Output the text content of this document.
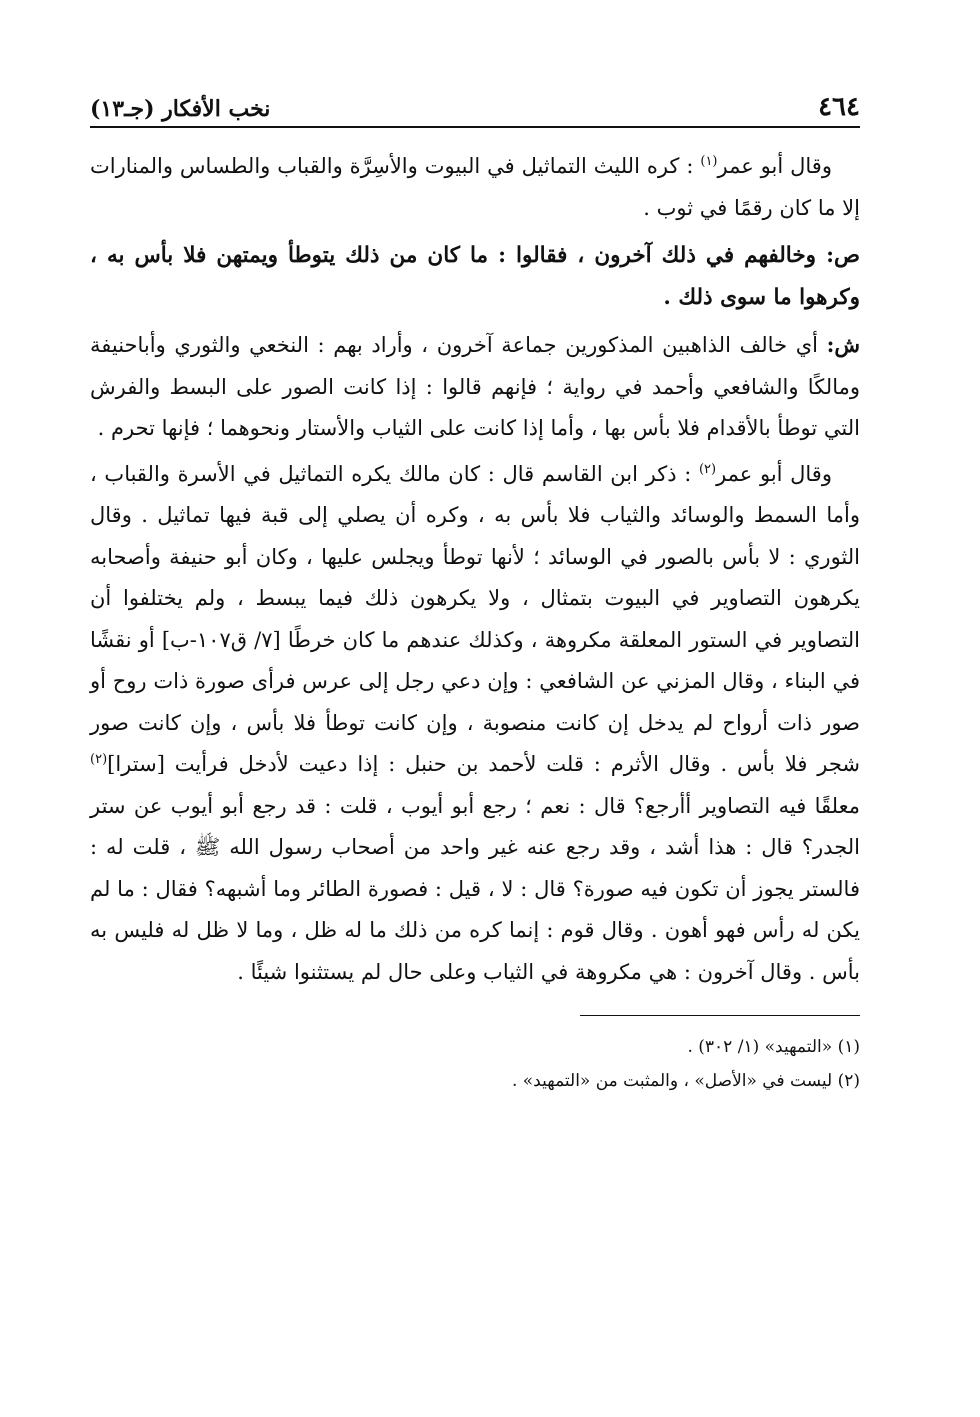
٤٦٤
نخب الأفكار (جـ١٣)

وقال أبو عمر$^{(١)}$ : كره الليث التماثيل في البيوت والأسِرَّة والقباب والطساس والمنارات إلا ما كان رقمًا في ثوب .

ص: وخالفهم في ذلك آخرون ، فقالوا : ما كان من ذلك يتوطأ ويمتهن فلا بأس به ، وكرهوا ما سوى ذلك .

ش: أي خالف الذاهبين المذكورين جماعة آخرون ، وأراد بهم : النخعي والثوري وأباحنيفة ومالكًا والشافعي وأحمد في رواية ؛ فإنهم قالوا : إذا كانت الصور على البسط والفرش التي توطأ بالأقدام فلا بأس بها ، وأما إذا كانت على الثياب والأستار ونحوهما ؛ فإنها تحرم .

وقال أبو عمر$^{(٢)}$ : ذكر ابن القاسم قال : كان مالك يكره التماثيل في الأسرة والقباب ، وأما السمط والوسائد والثياب فلا بأس به ، وكره أن يصلي إلى قبة فيها تماثيل . وقال الثوري : لا بأس بالصور في الوسائد ؛ لأنها توطأ ويجلس عليها ، وكان أبو حنيفة وأصحابه يكرهون التصاوير في البيوت بتمثال ، ولا يكرهون ذلك فيما يبسط ، ولم يختلفوا أن التصاوير في الستور المعلقة مكروهة ، وكذلك عندهم ما كان خرطًا [٧/ ق١٠٧-ب] أو نقشًا في البناء ، وقال المزني عن الشافعي : وإن دعي رجل إلى عرس فرأى صورة ذات روح أو صور ذات أرواح لم يدخل إن كانت منصوبة ، وإن كانت توطأ فلا بأس ، وإن كانت صور شجر فلا بأس . وقال الأثرم : قلت لأحمد بن حنبل : إذا دعيت لأدخل فرأيت [سترا]$^{(٢)}$ معلقًا فيه التصاوير أأرجع؟ قال : نعم ؛ رجع أبو أيوب ، قلت : قد رجع أبو أيوب عن ستر الجدر؟ قال : هذا أشد ، وقد رجع عنه غير واحد من أصحاب رسول الله ﷺ ، قلت له : فالستر يجوز أن تكون فيه صورة؟ قال : لا ، قيل : فصورة الطائر وما أشبهه؟ فقال : ما لم يكن له رأس فهو أهون . وقال قوم : إنما كره من ذلك ما له ظل ، وما لا ظل له فليس به بأس . وقال آخرون : هي مكروهة في الثياب وعلى حال لم يستثنوا شيئًا .

(١) «التمهيد» (١/ ٣٠٢) .

(٢) ليست في «الأصل» ، والمثبت من «التمهيد» .
